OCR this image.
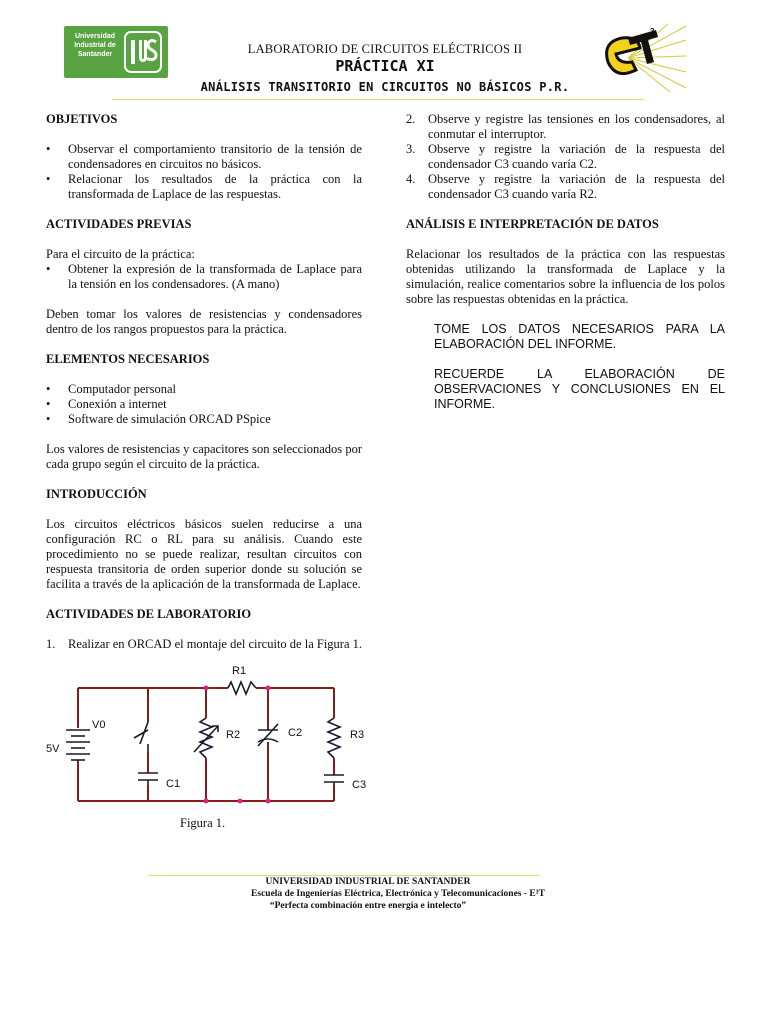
Universidad Industrial de Santander	LABORATORIO DE CIRCUITOS ELÉCTRICOS II
PRÁCTICA XI
ANÁLISIS TRANSITORIO EN CIRCUITOS NO BÁSICOS P.R.
3
OBJETIVOS

• Observar el comportamiento transitorio de la tensión de condensadores en circuitos no básicos.

• Relacionar los resultados de la práctica con la transformada de Laplace de las respuestas.

ACTIVIDADES PREVIAS

Para el circuito de la práctica:

• Obtener la expresión de la transformada de Laplace para la tensión en los condensadores. (A mano)

Deben tomar los valores de resistencias y condensadores dentro de los rangos propuestos para la práctica.

ELEMENTOS NECESARIOS

• Computador personal

• Conexión a internet

• Software de simulación ORCAD PSpice

Los valores de resistencias y capacitores son seleccionados por cada grupo según el circuito de la práctica.

INTRODUCCIÓN

Los circuitos eléctricos básicos suelen reducirse a una configuración RC o RL para su análisis. Cuando este procedimiento no se puede realizar, resultan circuitos con respuesta transitoria de orden superior donde su solución se facilita a través de la aplicación de la transformada de Laplace.

ACTIVIDADES DE LABORATORIO

1. Realizar en ORCAD el montaje del circuito de la Figura 1.

V0
5V
R1
R2	C2	R3
C1	C3
Figura 1.

2. Observe y registre las tensiones en los condensadores, al conmutar el interruptor.

3. Observe y registre la variación de la respuesta del condensador C3 cuando varía C2.

4. Observe y registre la variación de la respuesta del condensador C3 cuando varía R2.

ANÁLISIS E INTERPRETACIÓN DE DATOS

Relacionar los resultados de la práctica con las respuestas obtenidas utilizando la transformada de Laplace y la simulación, realice comentarios sobre la influencia de los polos sobre las respuestas obtenidas en la práctica.

TOME LOS DATOS NECESARIOS PARA LA ELABORACIÓN DEL INFORME.

RECUERDE LA ELABORACIÓN DE OBSERVACIONES Y CONCLUSIONES EN EL INFORME.

UNIVERSIDAD INDUSTRIAL DE SANTANDER
Escuela de Ingenierías Eléctrica, Electrónica y Telecomunicaciones - E³T
“Perfecta combinación entre energía e intelecto”
